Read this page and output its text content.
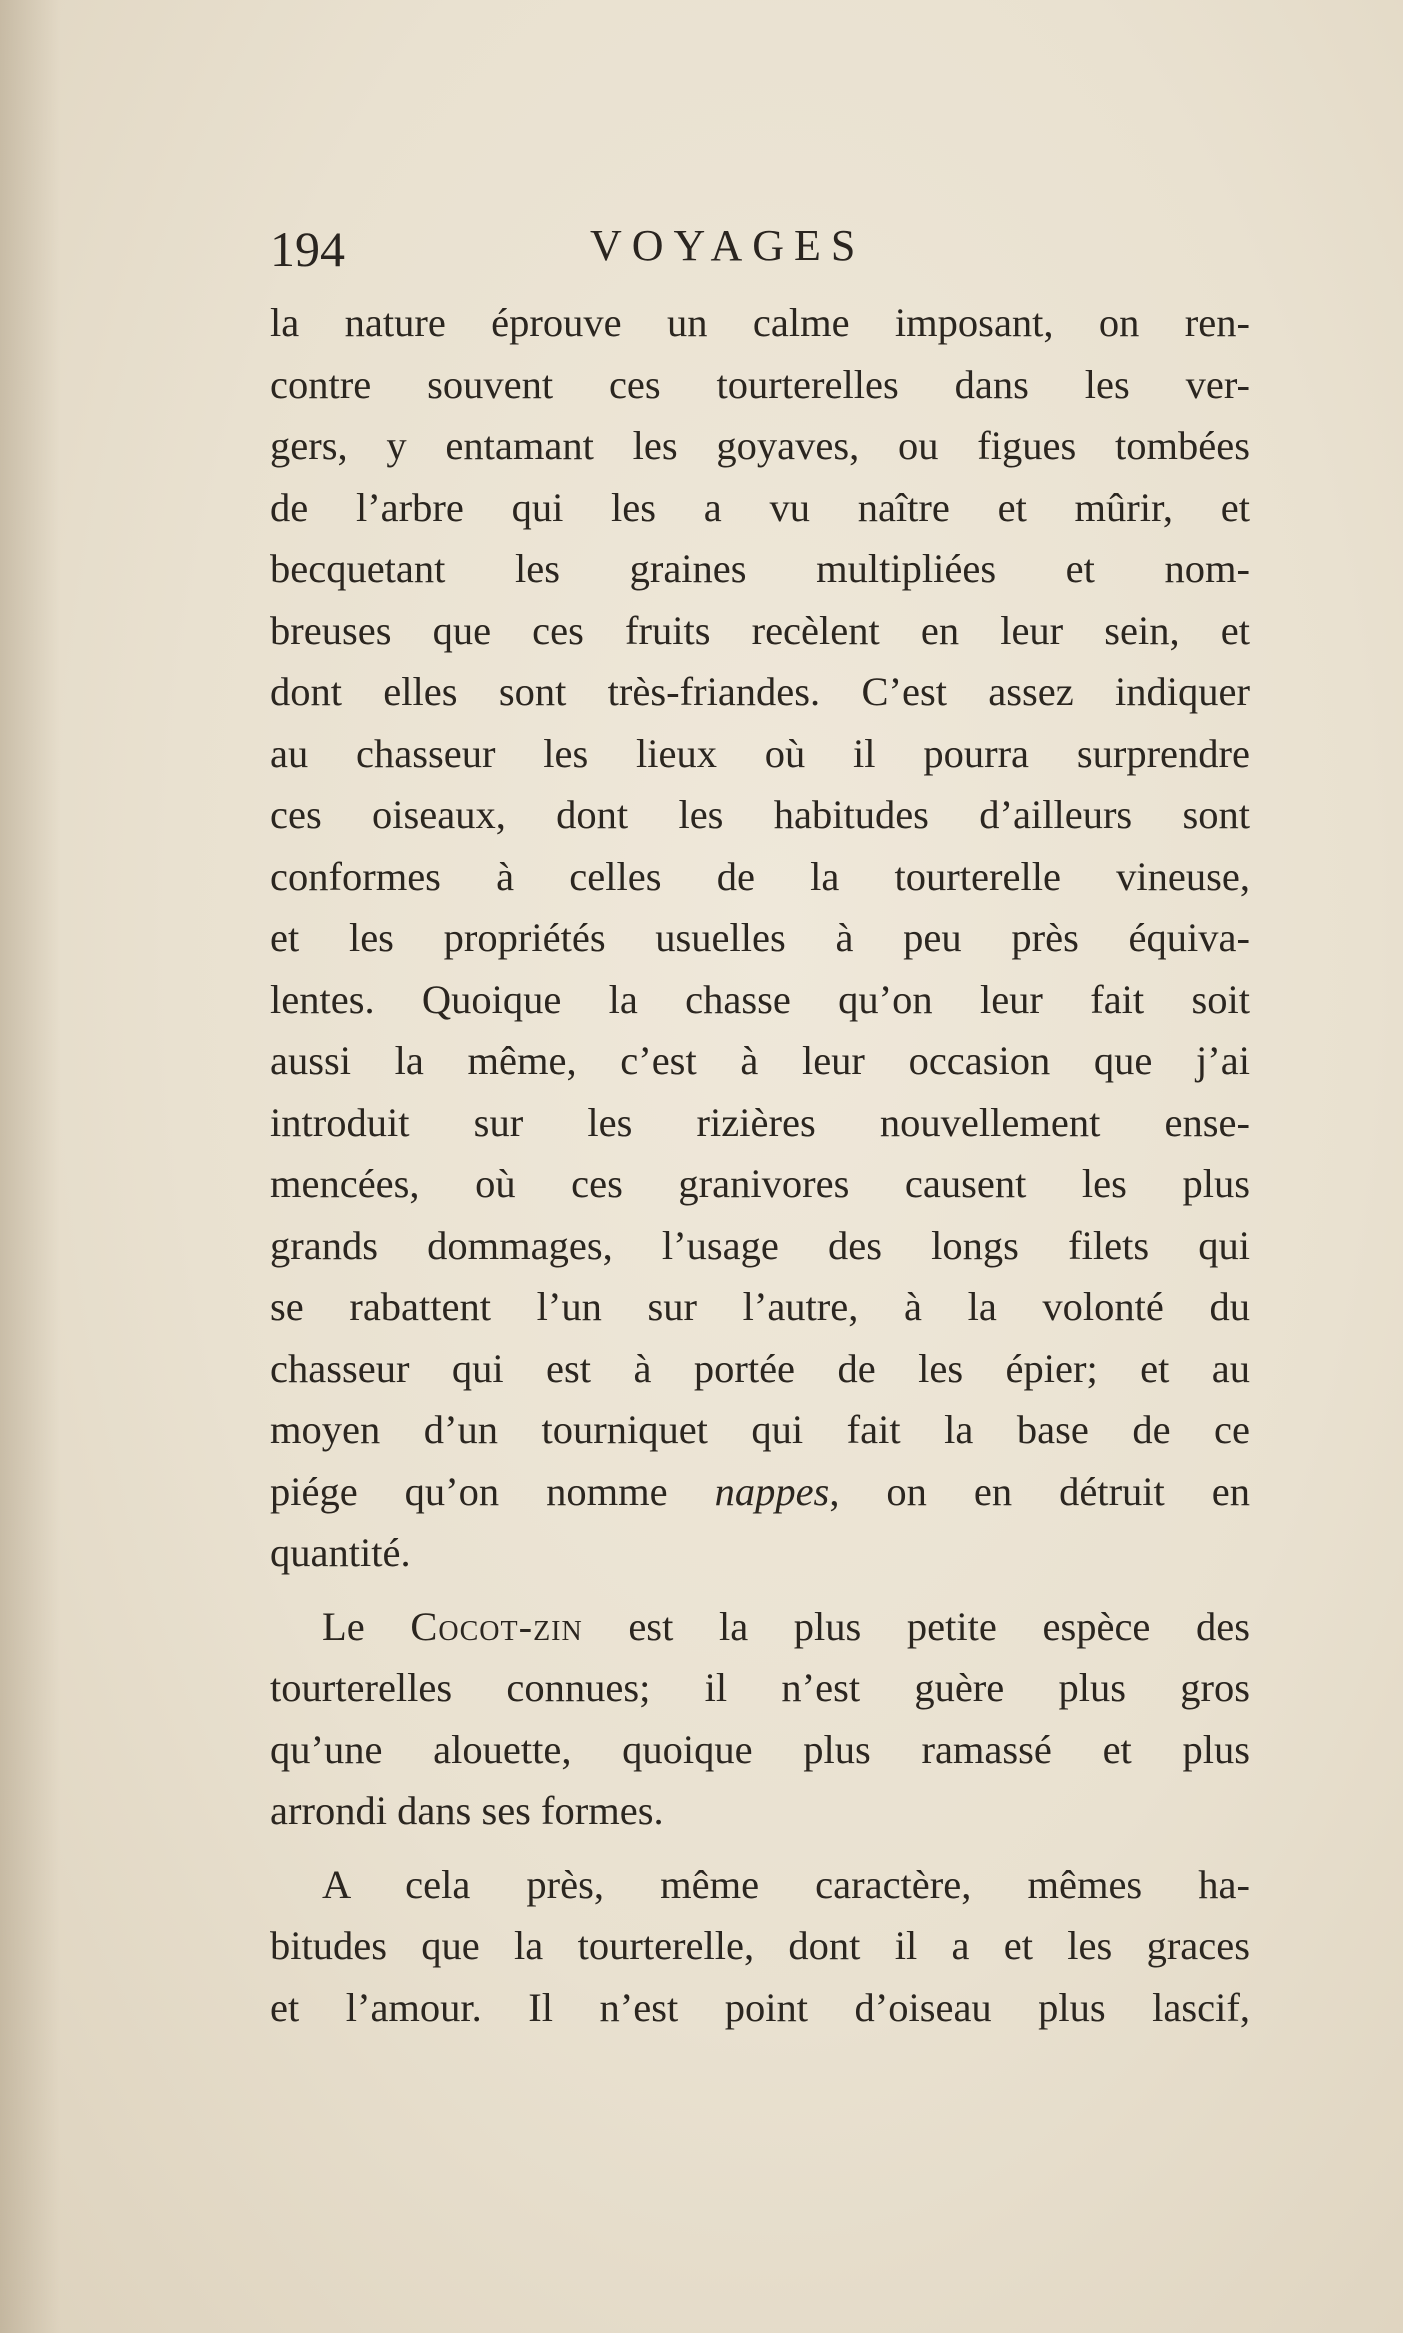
194	VOYAGES
la nature éprouve un calme imposant, on ren-
contre souvent ces tourterelles dans les ver-
gers, y entamant les goyaves, ou figues tombées
de l’arbre qui les a vu naître et mûrir, et
becquetant les graines multipliées et nom-
breuses que ces fruits recèlent en leur sein, et
dont elles sont très-friandes. C’est assez indiquer
au chasseur les lieux où il pourra surprendre
ces oiseaux, dont les habitudes d’ailleurs sont
conformes à celles de la tourterelle vineuse,
et les propriétés usuelles à peu près équiva-
lentes. Quoique la chasse qu’on leur fait soit
aussi la même, c’est à leur occasion que j’ai
introduit sur les rizières nouvellement ense-
mencées, où ces granivores causent les plus
grands dommages, l’usage des longs filets qui
se rabattent l’un sur l’autre, à la volonté du
chasseur qui est à portée de les épier; et au
moyen d’un tourniquet qui fait la base de ce
piége qu’on nomme nappes, on en détruit en
quantité.
Le Cocot-zin est la plus petite espèce des
tourterelles connues; il n’est guère plus gros
qu’une alouette, quoique plus ramassé et plus
arrondi dans ses formes.
A cela près, même caractère, mêmes ha-
bitudes que la tourterelle, dont il a et les graces
et l’amour. Il n’est point d’oiseau plus lascif,
